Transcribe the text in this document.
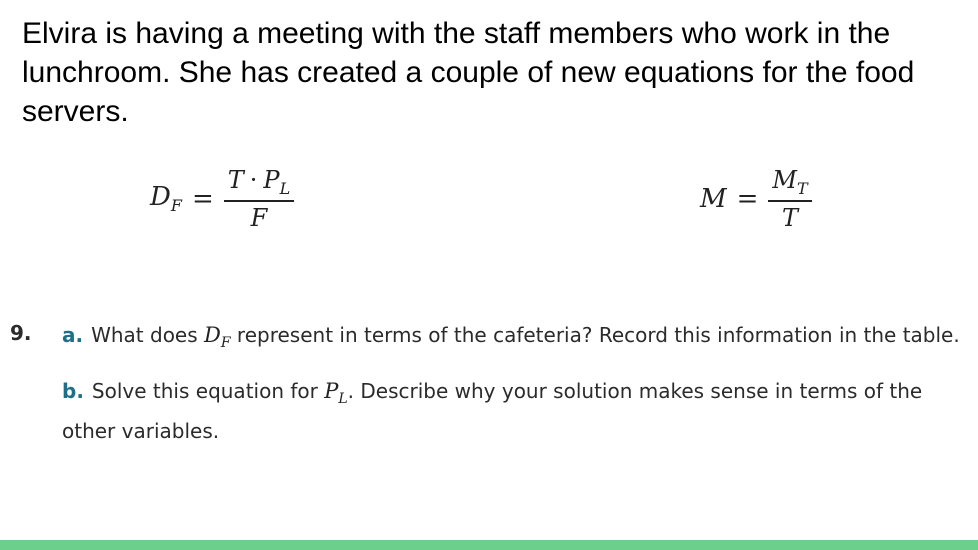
Elvira is having a meeting with the staff members who work in the lunchroom. She has created a couple of new equations for the food servers.

$D_F = \frac{T \cdot P_L}{F}$	$M = \frac{M_T}{T}$
9. a. What does $D_F$ represent in terms of the cafeteria? Record this information in the table.
b. Solve this equation for $P_L$. Describe why your solution makes sense in terms of the other variables.
